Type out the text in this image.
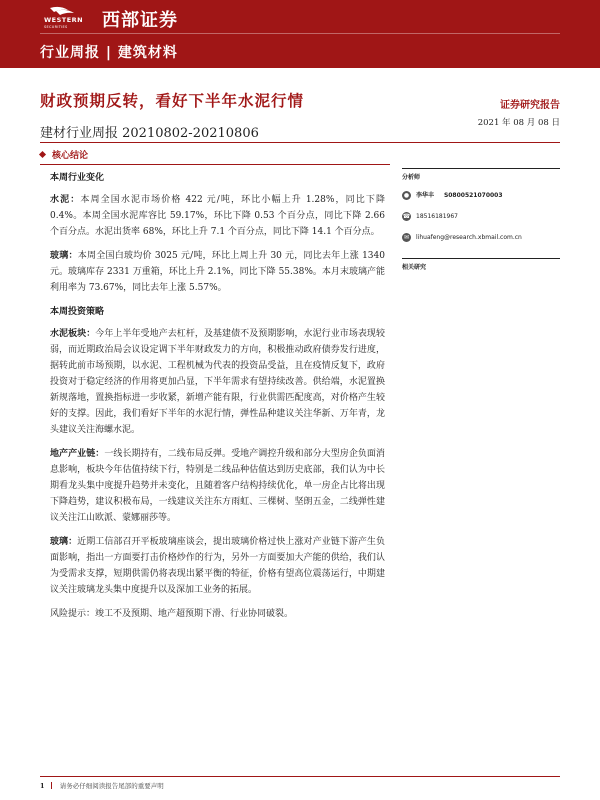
WESTERN
SECURITIES 西部证券
行业周报 | 建筑材料
财政预期反转，看好下半年水泥行情	证券研究报告
建材行业周报 20210802-20210806
2021 年 08 月 08 日
核心结论
本周行业变化

水泥：本周全国水泥市场价格 422 元/吨，环比小幅上升 1.28%，同比下降 0.4%。本周全国水泥库容比 59.17%，环比下降 0.53 个百分点，同比下降 2.66 个百分点。水泥出货率 68%，环比上升 7.1 个百分点，同比下降 14.1 个百分点。

玻璃：本周全国白玻均价 3025 元/吨，环比上周上升 30 元，同比去年上涨 1340 元。玻璃库存 2331 万重箱，环比上升 2.1%，同比下降 55.38%。本月末玻璃产能利用率为 73.67%，同比去年上涨 5.57%。

本周投资策略

水泥板块：今年上半年受地产去杠杆，及基建债不及预期影响，水泥行业市场表现较弱，而近期政治局会议设定调下半年财政发力的方向，积极推动政府债券发行进度，据转此前市场预期，以水泥、工程机械为代表的投资品受益，且在疫情反复下，政府投资对于稳定经济的作用将更加凸显，下半年需求有望持续改善。供给端，水泥置换新规落地，置换指标进一步收紧，新增产能有限，行业供需匹配度高，对价格产生较好的支撑。因此，我们看好下半年的水泥行情，弹性品种建议关注华新、万年青，龙头建议关注海螺水泥。

地产产业链：一线长期持有，二线布局反弹。受地产调控升级和部分大型房企负面消息影响，板块今年估值持续下行，特别是二线品种估值达到历史底部，我们认为中长期看龙头集中度提升趋势并未变化，且随着客户结构持续优化，单一房企占比将出现下降趋势，建议积极布局，一线建议关注东方雨虹、三棵树、坚朗五金，二线弹性建议关注江山欧派、蒙娜丽莎等。

玻璃：近期工信部召开平板玻璃座谈会，提出玻璃价格过快上涨对产业链下游产生负面影响，指出一方面要打击价格炒作的行为，另外一方面要加大产能的供给，我们认为受需求支撑，短期供需仍将表现出紧平衡的特征，价格有望高位震荡运行，中期建议关注玻璃龙头集中度提升以及深加工业务的拓展。

风险提示：竣工不及预期、地产超预期下滑、行业协同破裂。

分析师
●	李华丰 S0800521070003
☎ 18516181967
✉	lihuafeng@research.xbmail.com.cn
相关研究
1 请务必仔细阅读报告尾部的重要声明
